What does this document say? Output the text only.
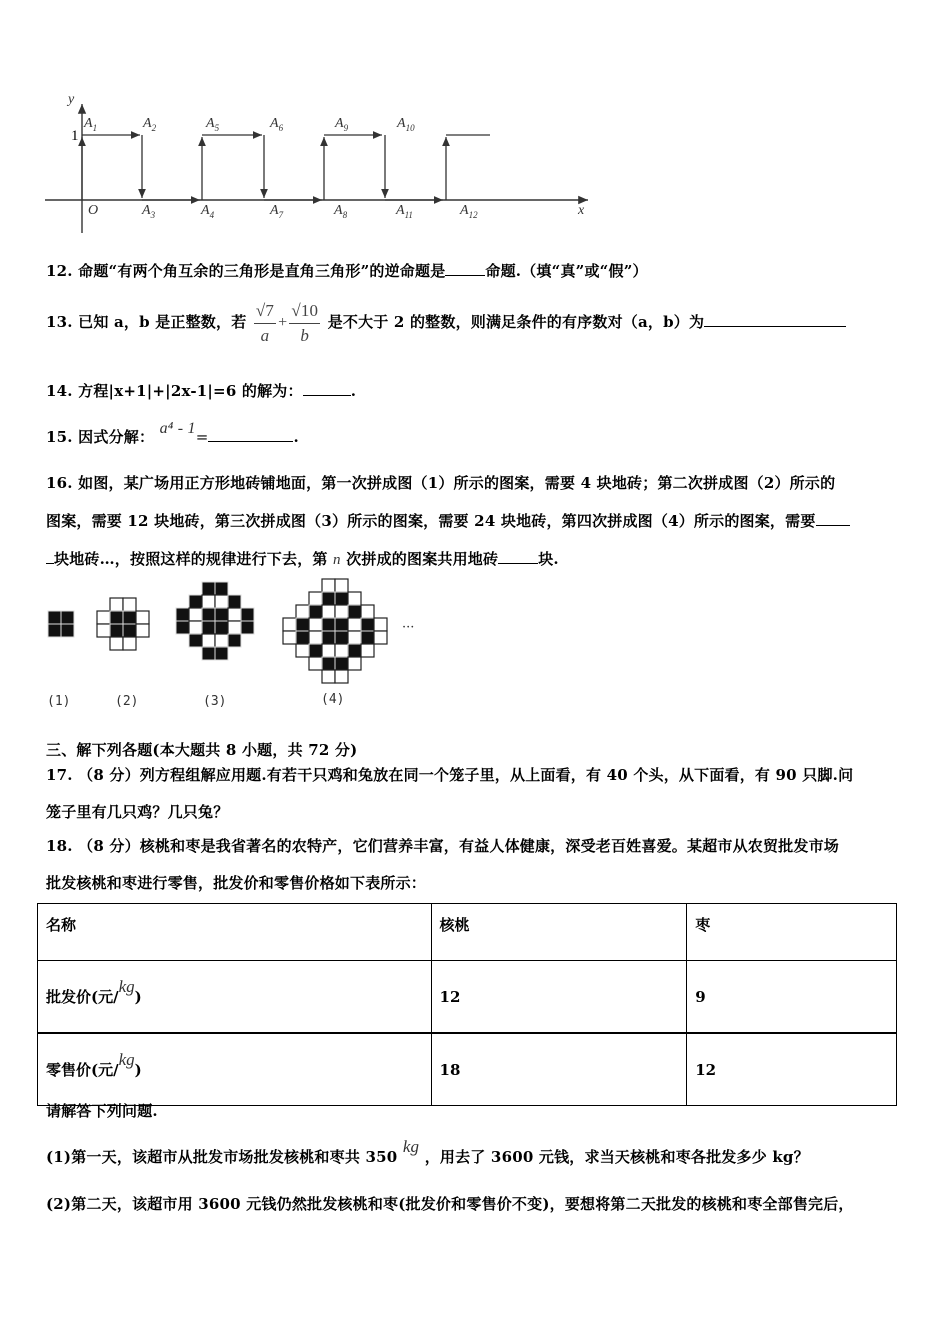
y
x
O
1
$A_1$	$A_2$	$A_5$	$A_6$	$A_9$	$A_{10}$
$A_3$	$A_4$	$A_7$	$A_8$	$A_{11}$	$A_{12}$
12. 命题“有两个角互余的三角形是直角三角形”的逆命题是	命题.（填“真”或“假”）
13. 已知 a，b 是正整数，若 $\frac{√7}{a} + \frac{√10}{b}$ 是不大于 2 的整数，则满足条件的有序数对（a，b）为
14. 方程|x+1|+|2x-1|=6 的解为：	.
15. 因式分解： a⁴ - 1=	.
16. 如图，某广场用正方形地砖铺地面，第一次拼成图（1）所示的图案，需要 4 块地砖；第二次拼成图（2）所示的
图案，需要 12 块地砖，第三次拼成图（3）所示的图案，需要 24 块地砖，第四次拼成图（4）所示的图案，需要
块地砖…，按照这样的规律进行下去，第 n 次拼成的图案共用地砖	块.
(1)	(2)	(3)	(4)
···
三、解下列各题(本大题共 8 小题，共 72 分)
17. （8 分）列方程组解应用题.有若干只鸡和兔放在同一个笼子里，从上面看，有 40 个头，从下面看，有 90 只脚.问
笼子里有几只鸡？几只兔？
18. （8 分）核桃和枣是我省著名的农特产，它们营养丰富，有益人体健康，深受老百姓喜爱。某超市从农贸批发市场
批发核桃和枣进行零售，批发价和零售价格如下表所示：
名称	核桃	枣
批发价(元/kg)	12	9
零售价(元/kg)	18	12
请解答下列问题.
(1)第一天，该超市从批发市场批发核桃和枣共 350 kg ，用去了 3600 元钱，求当天核桃和枣各批发多少 kg？
(2)第二天，该超市用 3600 元钱仍然批发核桃和枣(批发价和零售价不变)，要想将第二天批发的核桃和枣全部售完后，
